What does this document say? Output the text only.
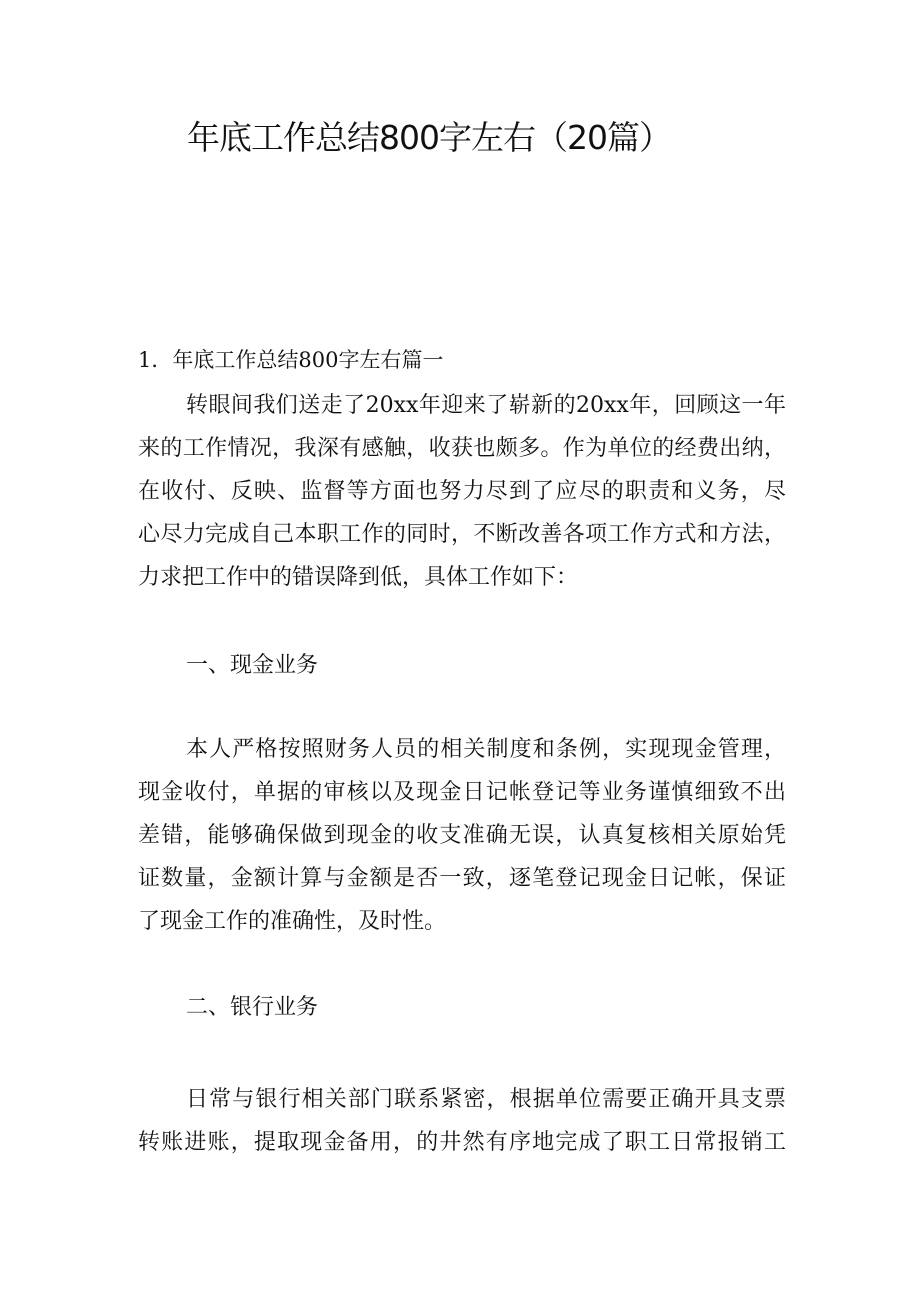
年底工作总结800字左右（20篇）
1．年底工作总结800字左右篇一
转眼间我们送走了20xx年迎来了崭新的20xx年，回顾这一年
来的工作情况，我深有感触，收获也颇多。作为单位的经费出纳，
在收付、反映、监督等方面也努力尽到了应尽的职责和义务，尽
心尽力完成自己本职工作的同时，不断改善各项工作方式和方法，
力求把工作中的错误降到低，具体工作如下：
一、现金业务
本人严格按照财务人员的相关制度和条例，实现现金管理，
现金收付，单据的审核以及现金日记帐登记等业务谨慎细致不出
差错，能够确保做到现金的收支准确无误，认真复核相关原始凭
证数量，金额计算与金额是否一致，逐笔登记现金日记帐，保证
了现金工作的准确性，及时性。
二、银行业务
日常与银行相关部门联系紧密，根据单位需要正确开具支票
转账进账，提取现金备用，的井然有序地完成了职工日常报销工
